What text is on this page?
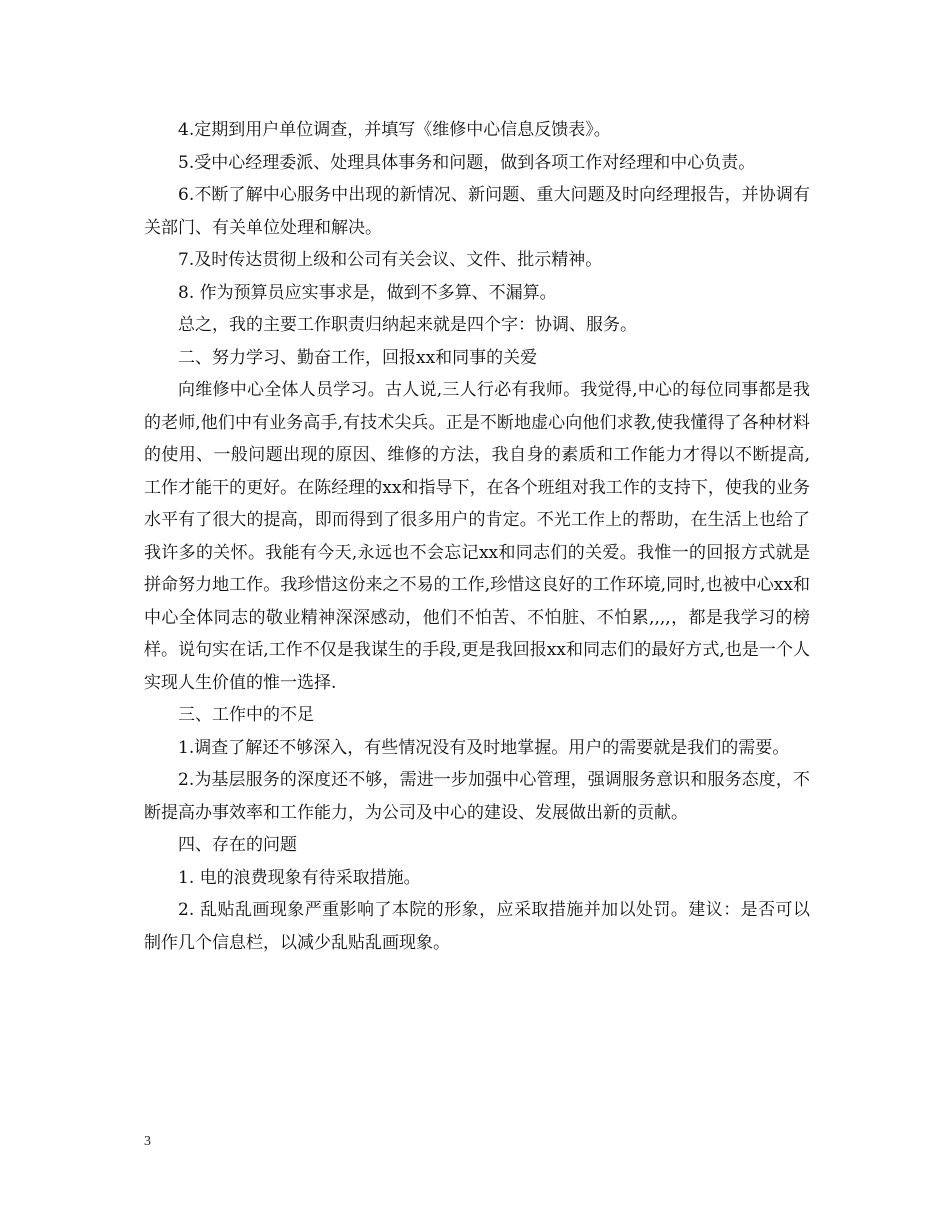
4.定期到用户单位调查，并填写《维修中心信息反馈表》。

5.受中心经理委派、处理具体事务和问题，做到各项工作对经理和中心负责。

6.不断了解中心服务中出现的新情况、新问题、重大问题及时向经理报告，并协调有关部门、有关单位处理和解决。

7.及时传达贯彻上级和公司有关会议、文件、批示精神。

8. 作为预算员应实事求是，做到不多算、不漏算。

总之，我的主要工作职责归纳起来就是四个字：协调、服务。

二、努力学习、勤奋工作，回报xx和同事的关爱

向维修中心全体人员学习。古人说,三人行必有我师。我觉得,中心的每位同事都是我的老师,他们中有业务高手,有技术尖兵。正是不断地虚心向他们求教,使我懂得了各种材料的使用、一般问题出现的原因、维修的方法，我自身的素质和工作能力才得以不断提高,工作才能干的更好。在陈经理的xx和指导下，在各个班组对我工作的支持下，使我的业务水平有了很大的提高，即而得到了很多用户的肯定。不光工作上的帮助，在生活上也给了我许多的关怀。我能有今天,永远也不会忘记xx和同志们的关爱。我惟一的回报方式就是拼命努力地工作。我珍惜这份来之不易的工作,珍惜这良好的工作环境,同时,也被中心xx和中心全体同志的敬业精神深深感动，他们不怕苦、不怕脏、不怕累,,,,，都是我学习的榜样。说句实在话,工作不仅是我谋生的手段,更是我回报xx和同志们的最好方式,也是一个人实现人生价值的惟一选择.

三、工作中的不足

1.调查了解还不够深入，有些情况没有及时地掌握。用户的需要就是我们的需要。

2.为基层服务的深度还不够，需进一步加强中心管理，强调服务意识和服务态度，不断提高办事效率和工作能力，为公司及中心的建设、发展做出新的贡献。

四、存在的问题

1. 电的浪费现象有待采取措施。

2. 乱贴乱画现象严重影响了本院的形象，应采取措施并加以处罚。建议：是否可以制作几个信息栏，以减少乱贴乱画现象。

3
